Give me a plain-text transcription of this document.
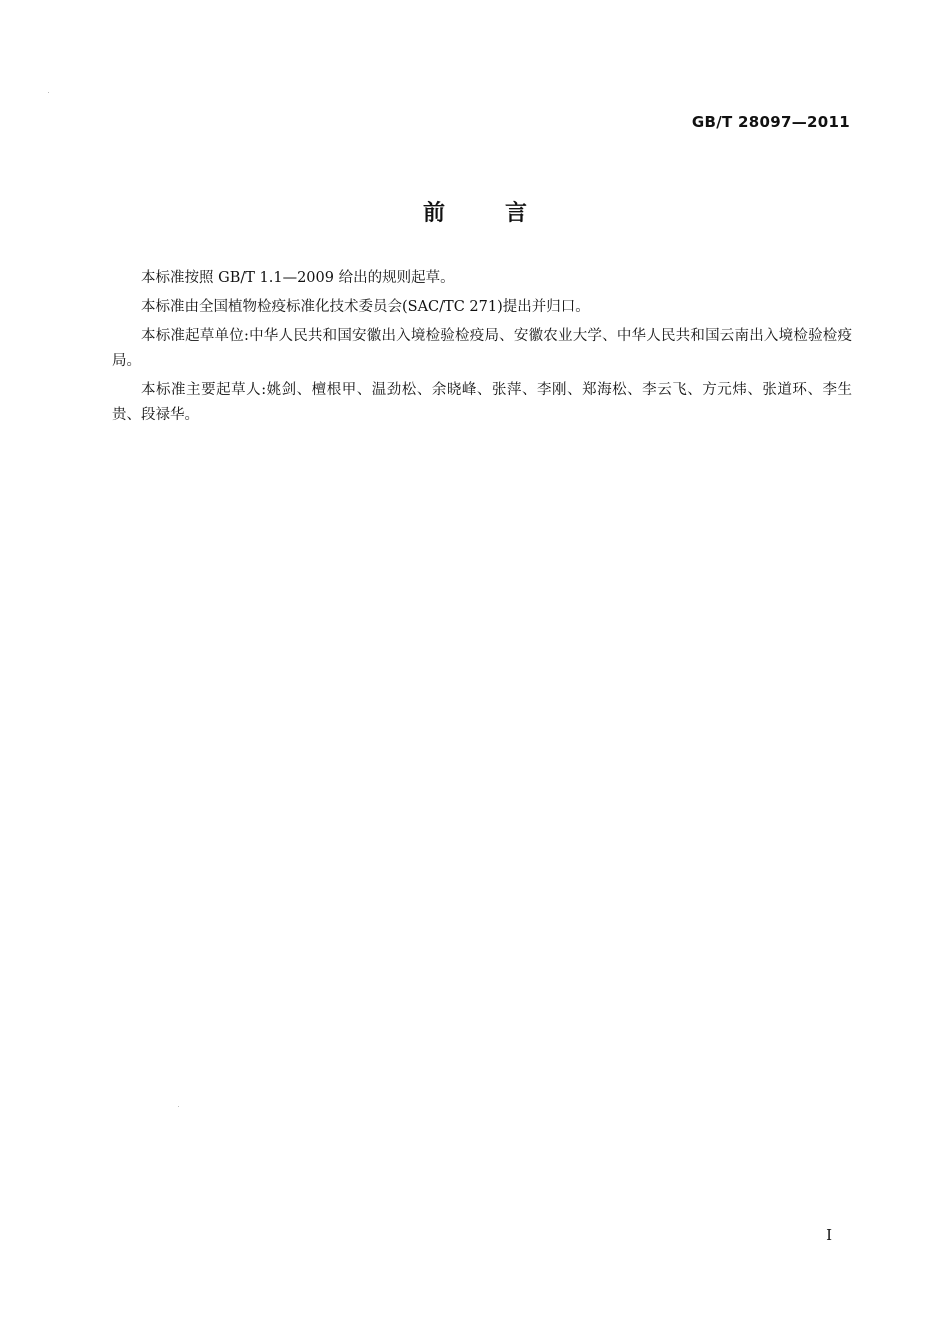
GB/T 28097—2011
前言

本标准按照 GB/T 1.1—2009 给出的规则起草。

本标准由全国植物检疫标准化技术委员会(SAC/TC 271)提出并归口。

本标准起草单位:中华人民共和国安徽出入境检验检疫局、安徽农业大学、中华人民共和国云南出入境检验检疫局。

本标准主要起草人:姚剑、檀根甲、温劲松、余晓峰、张萍、李刚、郑海松、李云飞、方元炜、张道环、李生贵、段禄华。

I
